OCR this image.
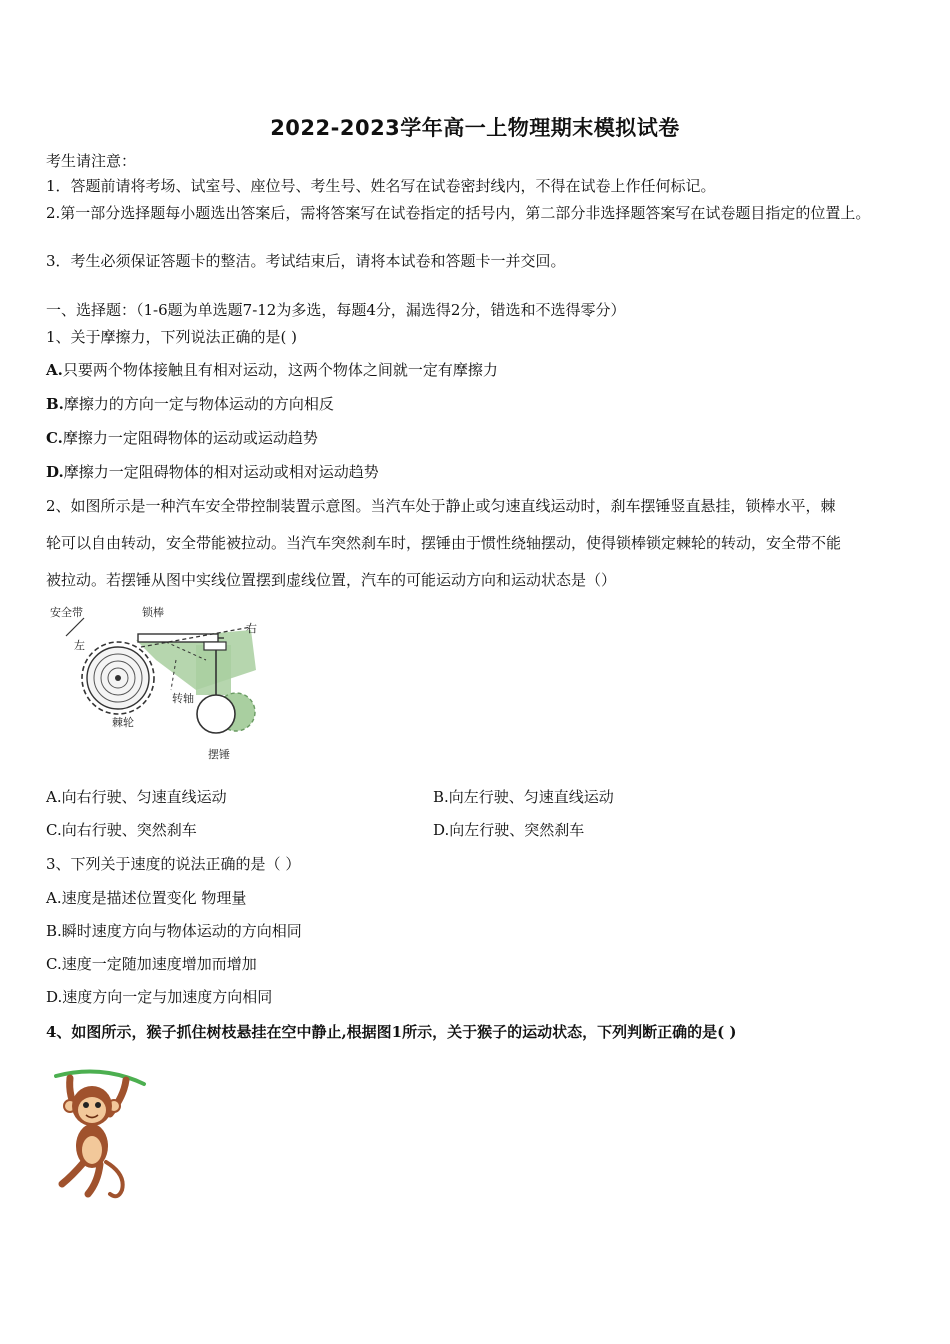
2022-2023学年高一上物理期末模拟试卷
考生请注意：
1．答题前请将考场、试室号、座位号、考生号、姓名写在试卷密封线内，不得在试卷上作任何标记。
2.第一部分选择题每小题选出答案后，需将答案写在试卷指定的括号内，第二部分非选择题答案写在试卷题目指定的位置上。
3．考生必须保证答题卡的整洁。考试结束后，请将本试卷和答题卡一并交回。
一、选择题：（1-6题为单选题7-12为多选，每题4分，漏选得2分，错选和不选得零分）
1、关于摩擦力，下列说法正确的是( )
A.只要两个物体接触且有相对运动，这两个物体之间就一定有摩擦力
B.摩擦力的方向一定与物体运动的方向相反
C.摩擦力一定阻碍物体的运动或运动趋势
D.摩擦力一定阻碍物体的相对运动或相对运动趋势
2、如图所示是一种汽车安全带控制装置示意图。当汽车处于静止或匀速直线运动时，刹车摆锤竖直悬挂，锁棒水平，棘
轮可以自由转动，安全带能被拉动。当汽车突然刹车时，摆锤由于惯性绕轴摆动，使得锁棒锁定棘轮的转动，安全带不能
被拉动。若摆锤从图中实线位置摆到虚线位置，汽车的可能运动方向和运动状态是（）
安全带	锁棒
左
右
转轴
棘轮
摆锤
A.向右行驶、匀速直线运动	B.向左行驶、匀速直线运动
C.向右行驶、突然刹车	D.向左行驶、突然刹车
3、下列关于速度的说法正确的是（ ）
A.速度是描述位置变化 物理量
B.瞬时速度方向与物体运动的方向相同
C.速度一定随加速度增加而增加
D.速度方向一定与加速度方向相同
4、如图所示，猴子抓住树枝悬挂在空中静止,根据图1所示，关于猴子的运动状态，下列判断正确的是( )
